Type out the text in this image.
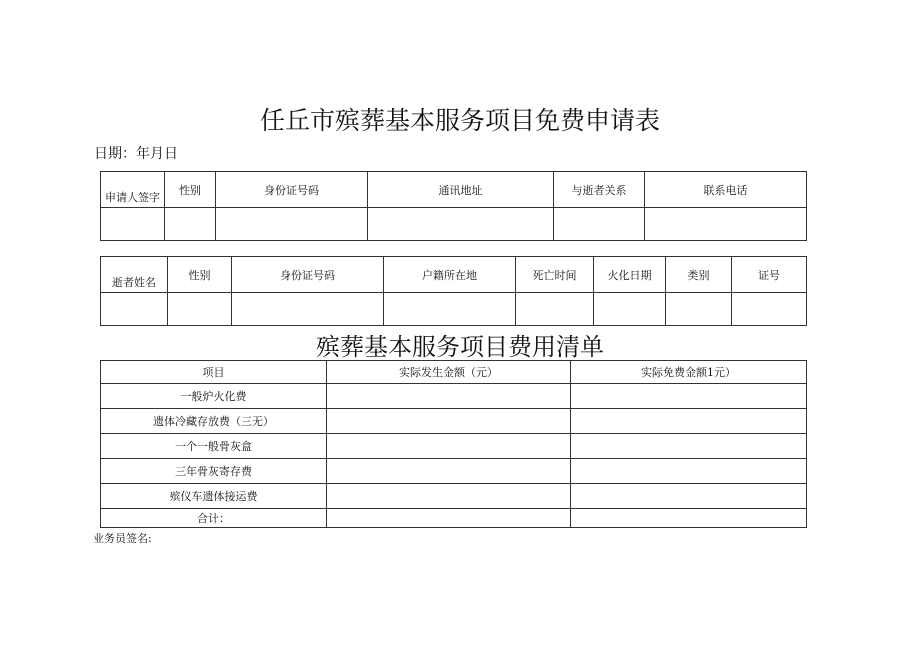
任丘市殡葬基本服务项目免费申请表
日期：年月日
申请人签字	性别	身份证号码	通讯地址	与逝者关系	联系电话

逝者姓名	性别	身份证号码	户籍所在地	死亡时间	火化日期	类别	证号

殡葬基本服务项目费用清单
项目	实际发生金额（元）	实际免费金额1元）
一般炉火化费		
遗体冷藏存放费（三无）		
一个一般骨灰盒		
三年骨灰寄存费		
殡仪车遗体接运费		
合计：		
业务员签名:
